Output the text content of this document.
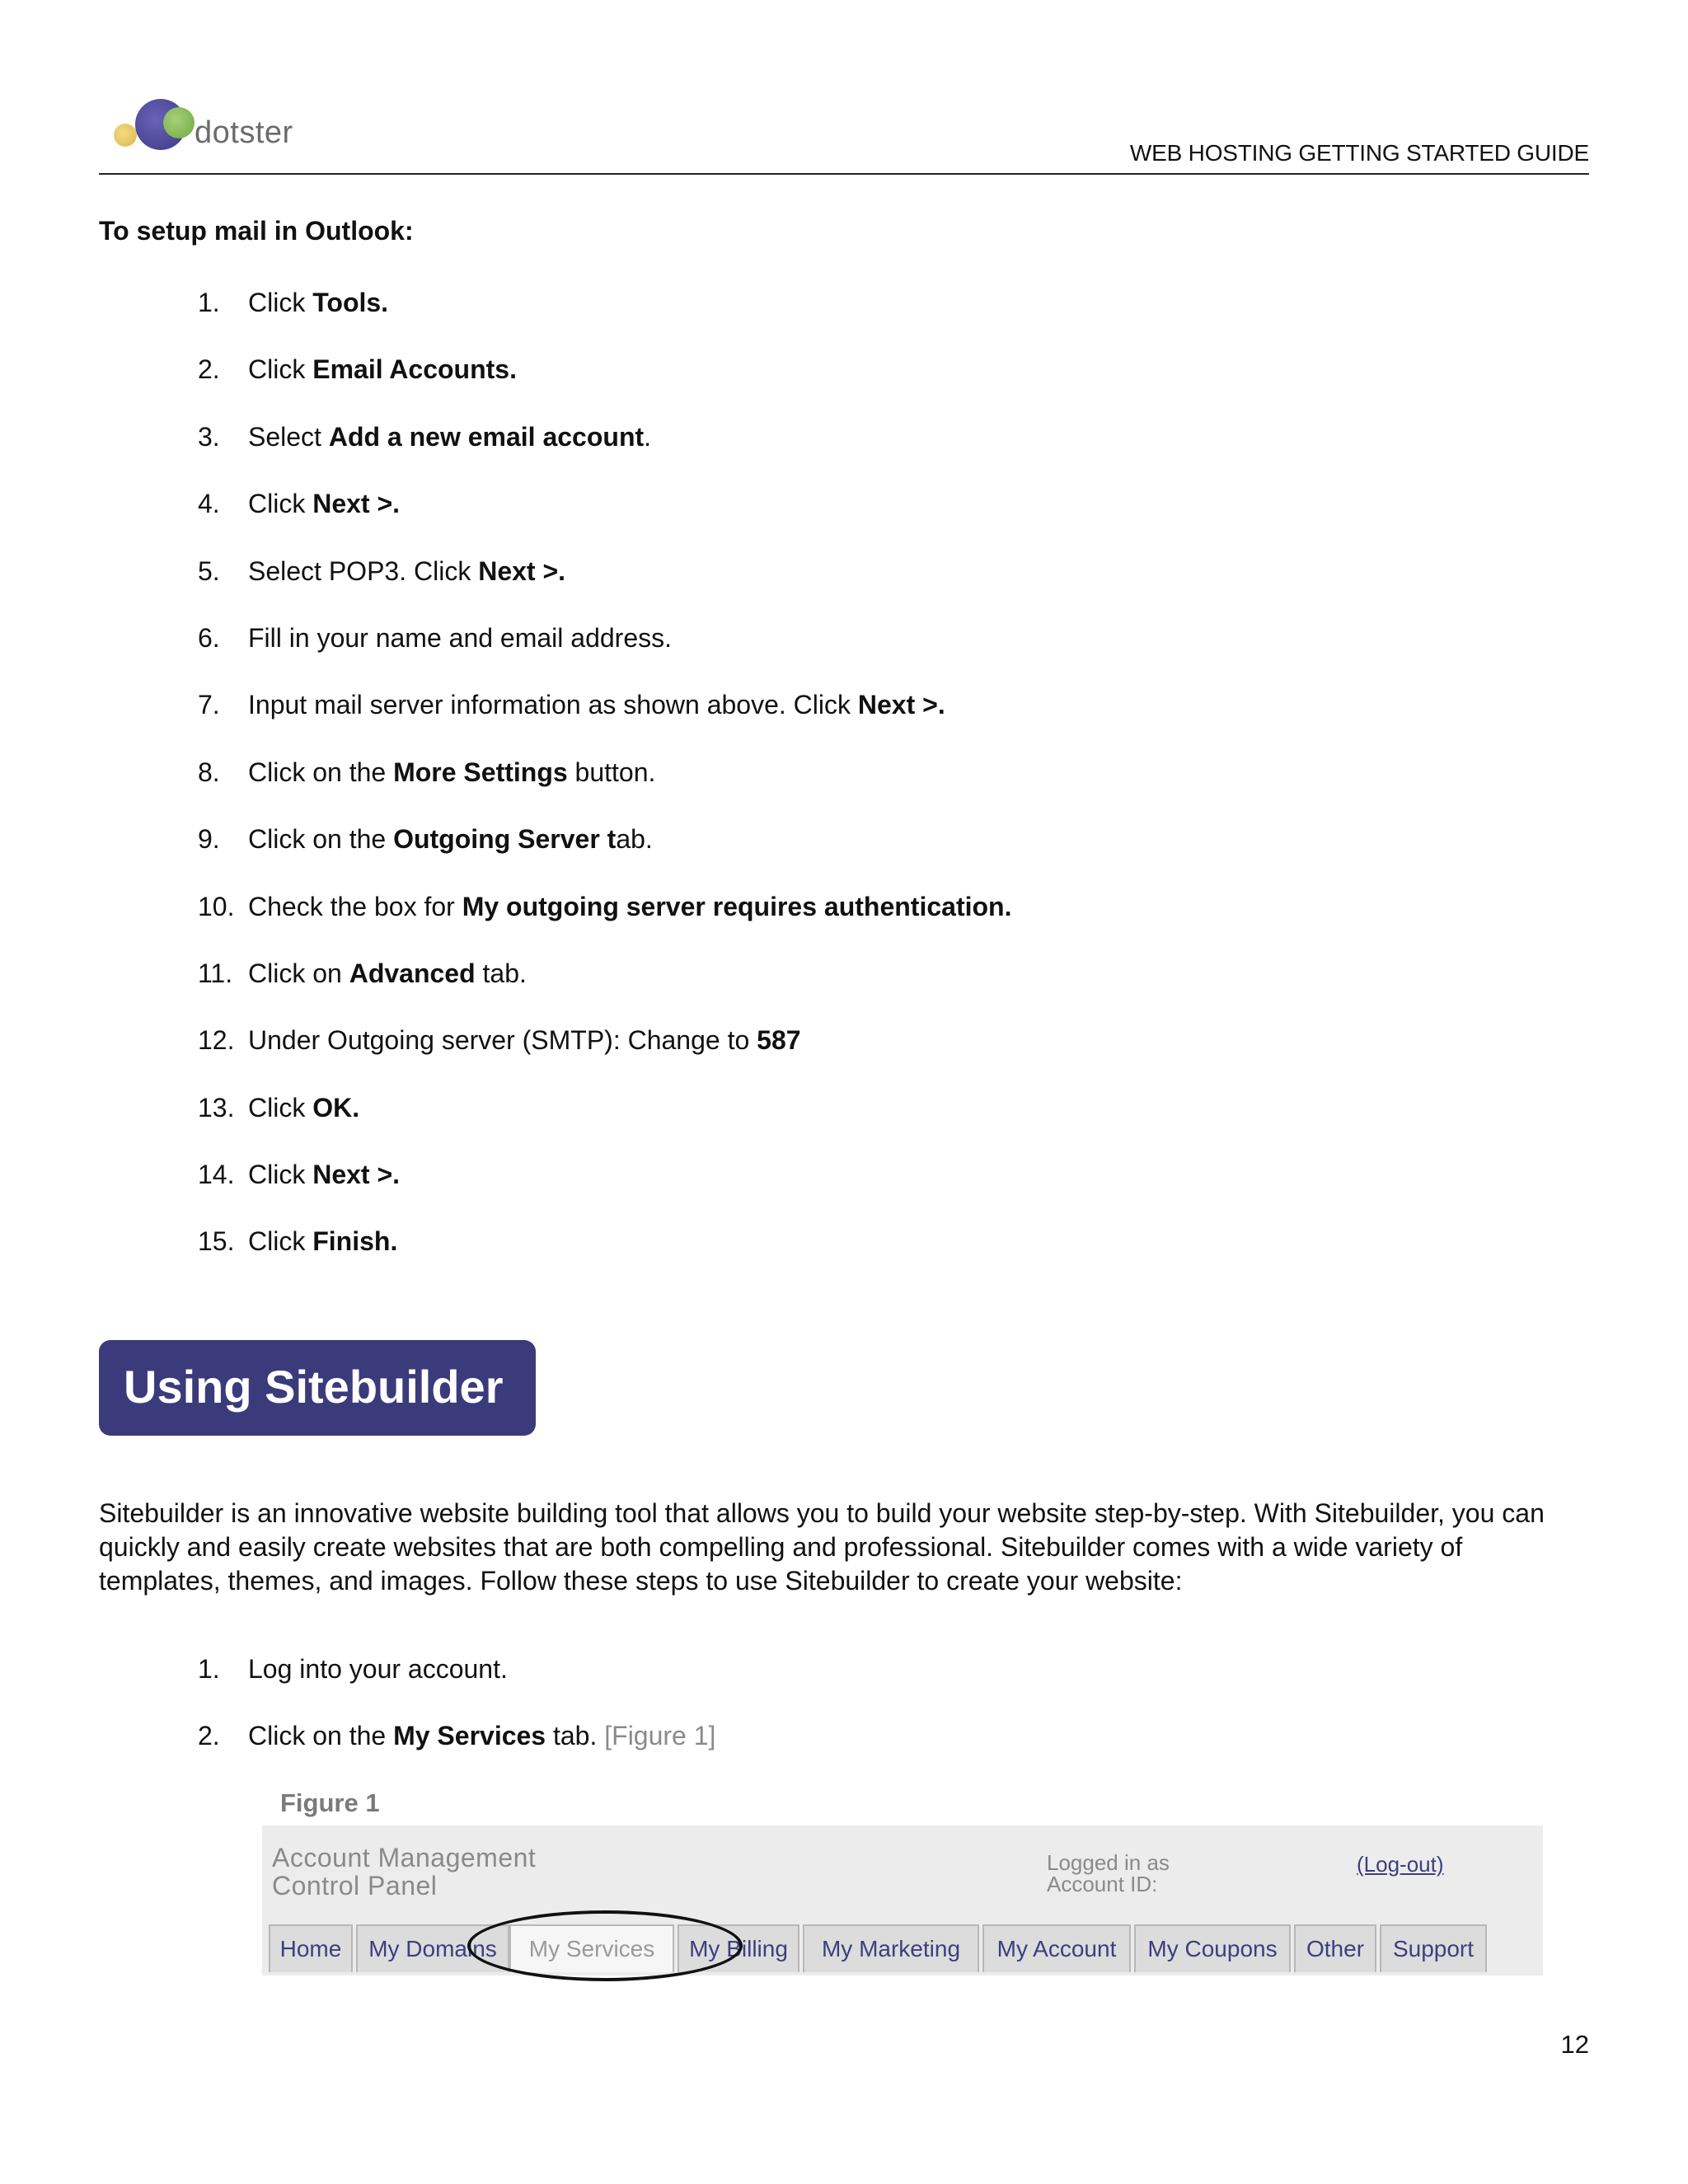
dotster
WEB HOSTING GETTING STARTED GUIDE
To setup mail in Outlook:
1.	Click Tools.
2.	Click Email Accounts.
3.	Select Add a new email account.
4.	Click Next >.
5.	Select POP3. Click Next >.
6.	Fill in your name and email address.
7.	Input mail server information as shown above. Click Next >.
8.	Click on the More Settings button.
9.	Click on the Outgoing Server tab.
10. Check the box for My outgoing server requires authentication.
11. Click on Advanced tab.
12. Under Outgoing server (SMTP): Change to 587
13. Click OK.
14. Click Next >.
15. Click Finish.
Using Sitebuilder
Sitebuilder is an innovative website building tool that allows you to build your website step-by-step. With Sitebuilder, you can quickly and easily create websites that are both compelling and professional. Sitebuilder comes with a wide variety of templates, themes, and images. Follow these steps to use Sitebuilder to create your website:
1.	Log into your account.
2.	Click on the My Services tab. [Figure 1]
Figure 1
Account Management
Control Panel
Logged in as
Account ID:
(Log-out)
Home	My Domains	My Services	My Billing	My Marketing	My Account	My Coupons	Other	Support
12
